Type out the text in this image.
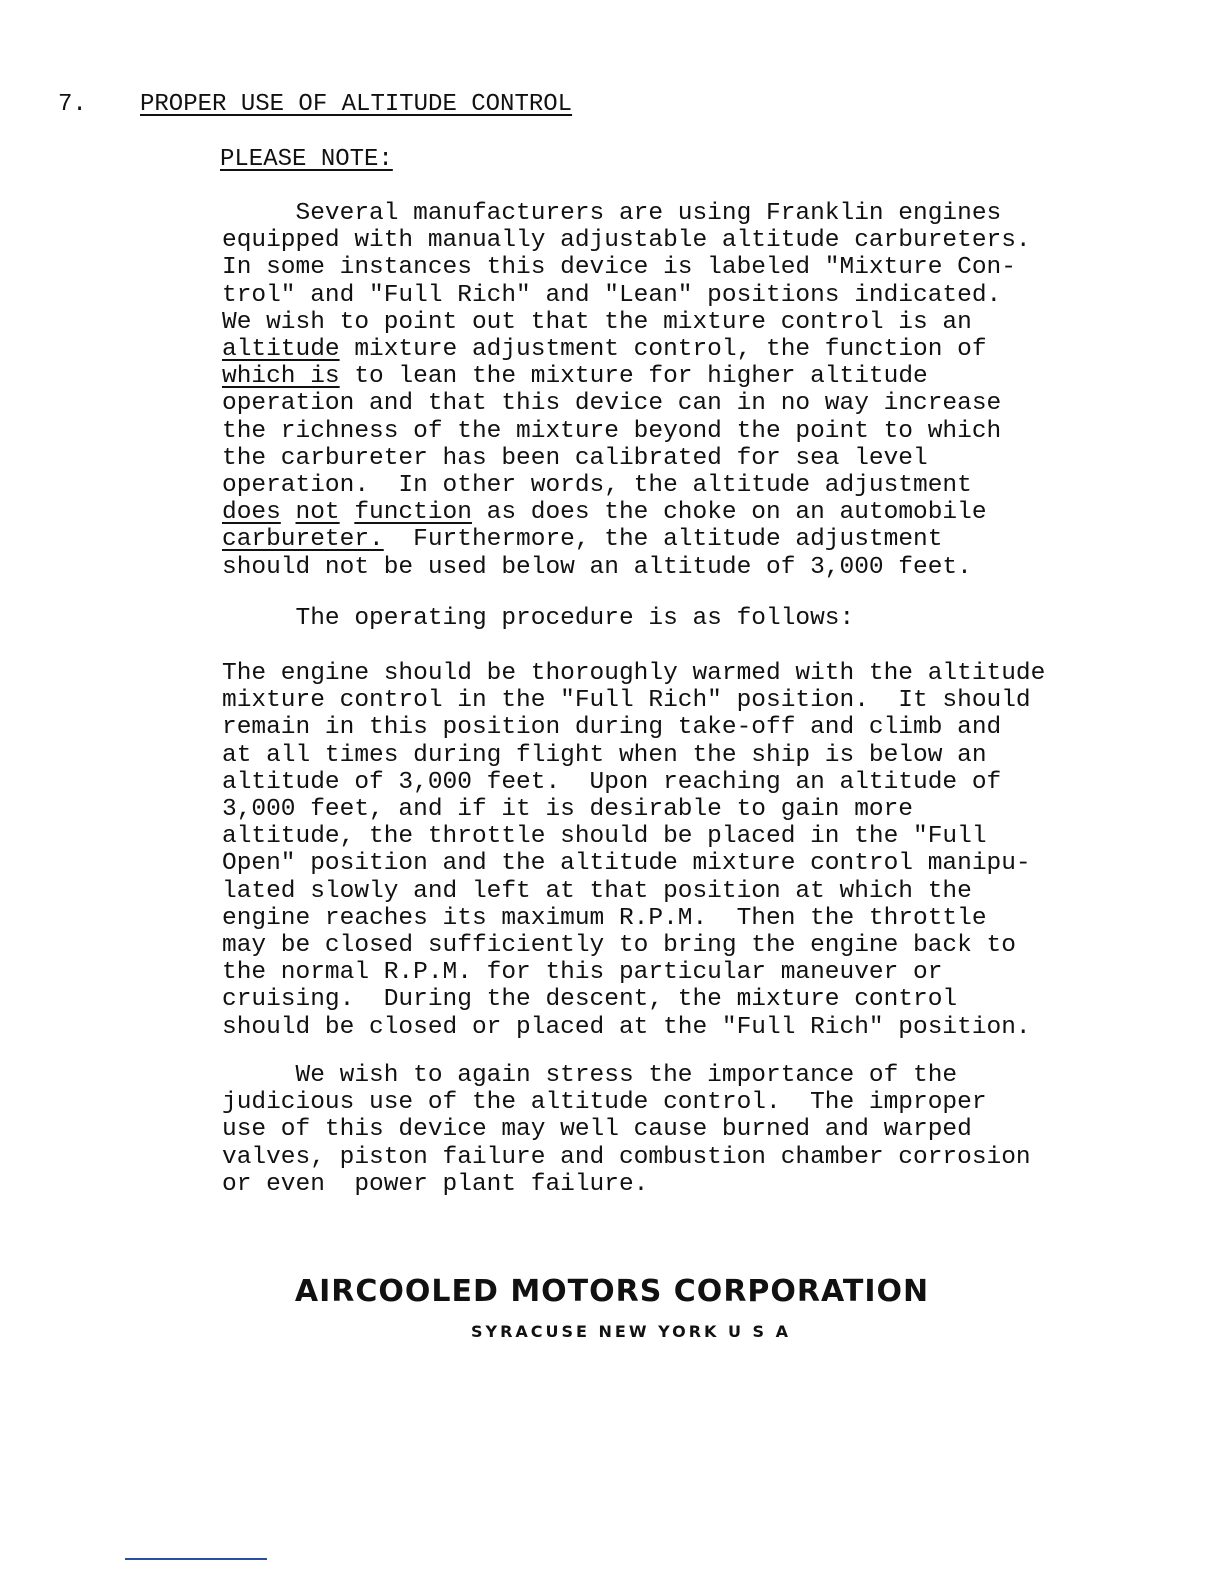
7. PROPER USE OF ALTITUDE CONTROL
PLEASE NOTE:
Several manufacturers are using Franklin engines
equipped with manually adjustable altitude carbureters.
In some instances this device is labeled "Mixture Con-
trol" and "Full Rich" and "Lean" positions indicated.
We wish to point out that the mixture control is an
altitude mixture adjustment control, the function of
which is to lean the mixture for higher altitude
operation and that this device can in no way increase
the richness of the mixture beyond the point to which
the carbureter has been calibrated for sea level
operation.  In other words, the altitude adjustment
does not function as does the choke on an automobile
carbureter.  Furthermore, the altitude adjustment
should not be used below an altitude of 3,000 feet.
The operating procedure is as follows:
The engine should be thoroughly warmed with the altitude
mixture control in the "Full Rich" position.  It should
remain in this position during take-off and climb and
at all times during flight when the ship is below an
altitude of 3,000 feet.  Upon reaching an altitude of
3,000 feet, and if it is desirable to gain more
altitude, the throttle should be placed in the "Full
Open" position and the altitude mixture control manipu-
lated slowly and left at that position at which the
engine reaches its maximum R.P.M.  Then the throttle
may be closed sufficiently to bring the engine back to
the normal R.P.M. for this particular maneuver or
cruising.  During the descent, the mixture control
should be closed or placed at the "Full Rich" position.
We wish to again stress the importance of the
judicious use of the altitude control.  The improper
use of this device may well cause burned and warped
valves, piston failure and combustion chamber corrosion
or even  power plant failure.
AIRCOOLED MOTORS CORPORATION
SYRACUSE NEW YORK U S A
